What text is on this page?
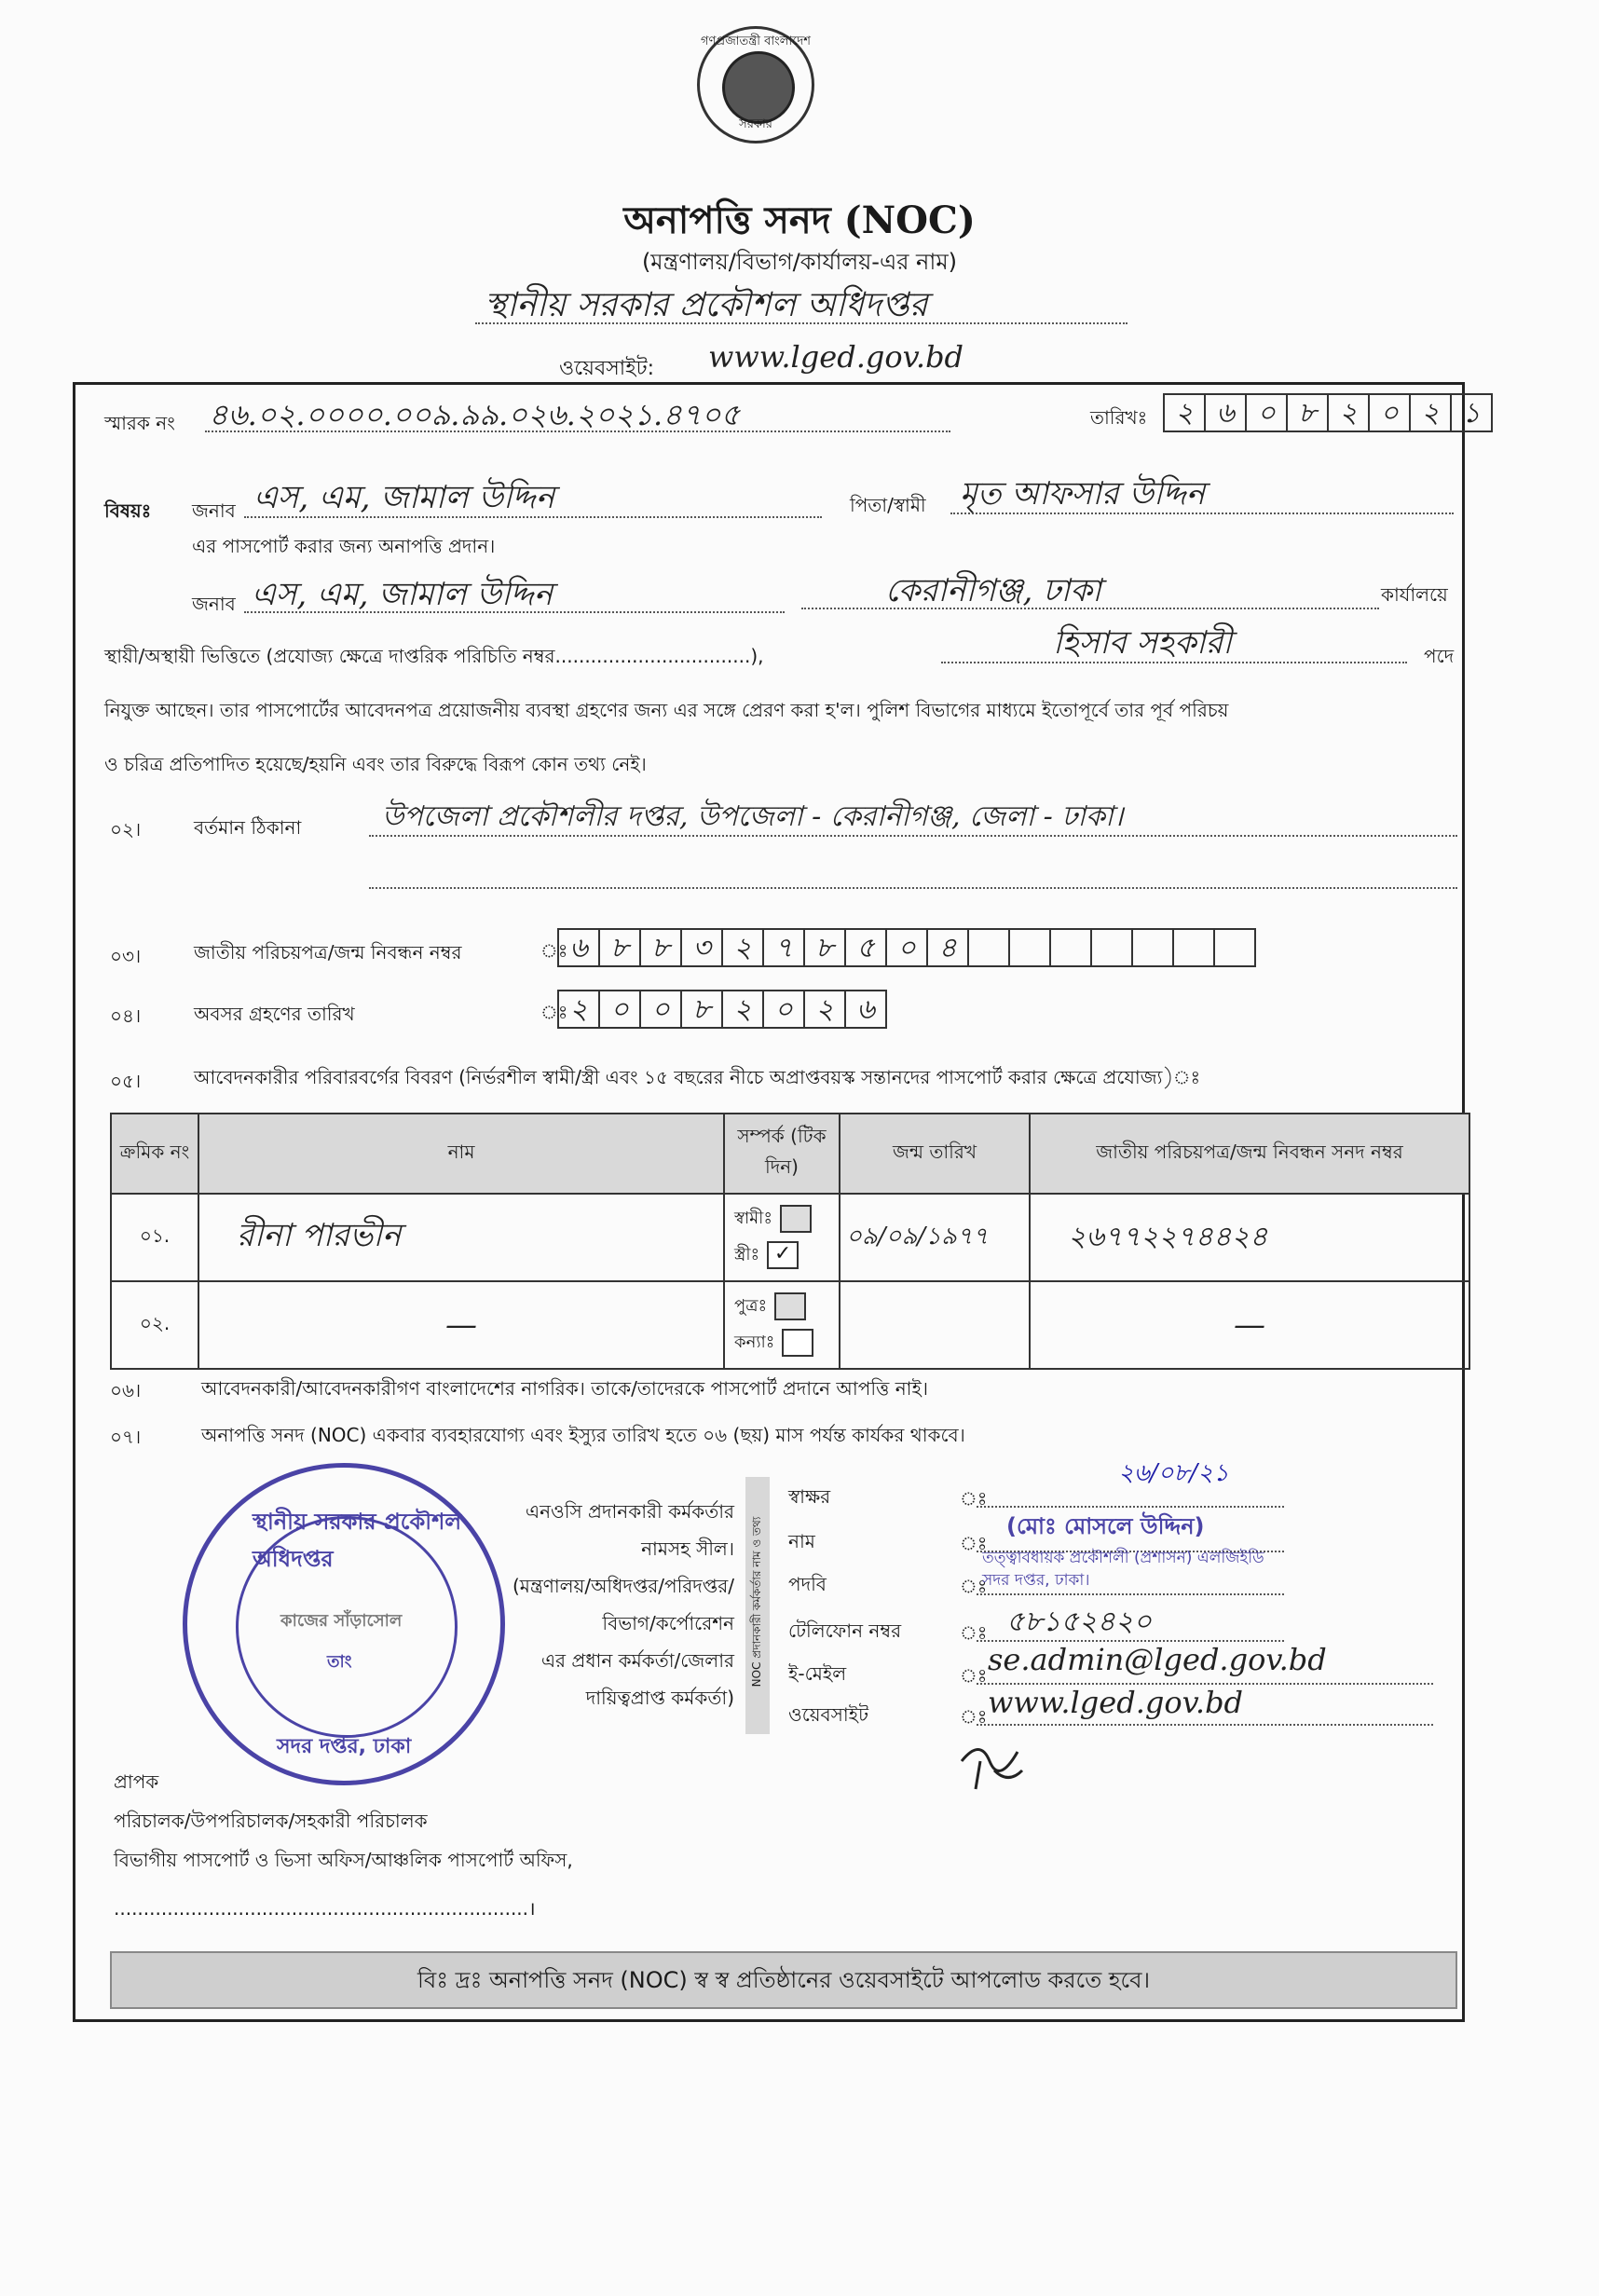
গণপ্রজাতন্ত্রী বাংলাদেশ
সরকার
অনাপত্তি সনদ (NOC)
(মন্ত্রণালয়/বিভাগ/কার্যালয়-এর নাম)
স্থানীয় সরকার প্রকৌশল অধিদপ্তর
ওয়েবসাইট: www.lged.gov.bd
স্মারক নং ৪৬.০২.০০০০.০০৯.৯৯.০২৬.২০২১.৪৭০৫	তারিখঃ ২ ৬ ০ ৮ ২ ০ ২ ১
বিষয়ঃ জনাব এস, এম, জামাল উদ্দিন	পিতা/স্বামী মৃত আফসার উদ্দিন
এর পাসপোর্ট করার জন্য অনাপত্তি প্রদান।
জনাব এস, এম, জামাল উদ্দিন	কেরানীগঞ্জ, ঢাকা	কার্যালয়ে
স্থায়ী/অস্থায়ী ভিত্তিতে (প্রযোজ্য ক্ষেত্রে দাপ্তরিক পরিচিতি নম্বর.................................),	হিসাব সহকারী	পদে
নিযুক্ত আছেন। তার পাসপোর্টের আবেদনপত্র প্রয়োজনীয় ব্যবস্থা গ্রহণের জন্য এর সঙ্গে প্রেরণ করা হ'ল। পুলিশ বিভাগের মাধ্যমে ইতোপূর্বে তার পূর্ব পরিচয়
ও চরিত্র প্রতিপাদিত হয়েছে/হয়নি এবং তার বিরুদ্ধে বিরূপ কোন তথ্য নেই।
০২।	বর্তমান ঠিকানা	উপজেলা প্রকৌশলীর দপ্তর, উপজেলা - কেরানীগঞ্জ, জেলা - ঢাকা।
০৩।	জাতীয় পরিচয়পত্র/জন্ম নিবন্ধন নম্বর	ঃ ৬ ৮ ৮ ৩ ২ ৭ ৮ ৫ ০ ৪
০৪।	অবসর গ্রহণের তারিখ	ঃ ২ ০ ০ ৮ ২ ০ ২ ৬
০৫।	আবেদনকারীর পরিবারবর্গের বিবরণ (নির্ভরশীল স্বামী/স্ত্রী এবং ১৫ বছরের নীচে অপ্রাপ্তবয়স্ক সন্তানদের পাসপোর্ট করার ক্ষেত্রে প্রযোজ্য)ঃ
ক্রমিক নং	নাম	সম্পর্ক (টিক দিন)	জন্ম তারিখ	জাতীয় পরিচয়পত্র/জন্ম নিবন্ধন সনদ নম্বর
০১.	রীনা পারভীন	স্বামীঃ
স্ত্রীঃ ✓	০৯/০৯/১৯৭৭	২৬৭৭২২৭৪৪২৪
০২.	—	পুত্রঃ
কন্যাঃ		—
০৬।	আবেদনকারী/আবেদনকারীগণ বাংলাদেশের নাগরিক। তাকে/তাদেরকে পাসপোর্ট প্রদানে আপত্তি নাই।
০৭।	অনাপত্তি সনদ (NOC) একবার ব্যবহারযোগ্য এবং ইস্যুর তারিখ হতে ০৬ (ছয়) মাস পর্যন্ত কার্যকর থাকবে।
স্থানীয় সরকার প্রকৌশল অধিদপ্তর
কাজের সাঁড়াসোল
তাং
সদর দপ্তর, ঢাকা
এনওসি প্রদানকারী কর্মকর্তার
নামসহ সীল।
(মন্ত্রণালয়/অধিদপ্তর/পরিদপ্তর/
বিভাগ/কর্পোরেশন
এর প্রধান কর্মকর্তা/জেলার
দায়িত্বপ্রাপ্ত কর্মকর্তা)
NOC প্রদানকারী কর্মকর্তার নাম ও তথ্য
স্বাক্ষর	ঃ
২৬/০৮/২১
নাম	ঃ
(মোঃ মোসলে উদ্দিন)
পদবি	ঃ
তত্ত্বাবধায়ক প্রকৌশলী (প্রশাসন) এলজিইডি সদর দপ্তর, ঢাকা।
টেলিফোন নম্বর	ঃ ৫৮১৫২৪২০
ই-মেইল	ঃ se.admin@lged.gov.bd
ওয়েবসাইট	ঃ www.lged.gov.bd
প্রাপক
পরিচালক/উপপরিচালক/সহকারী পরিচালক
বিভাগীয় পাসপোর্ট ও ভিসা অফিস/আঞ্চলিক পাসপোর্ট অফিস,
......................................................................।
বিঃ দ্রঃ অনাপত্তি সনদ (NOC) স্ব স্ব প্রতিষ্ঠানের ওয়েবসাইটে আপলোড করতে হবে।
